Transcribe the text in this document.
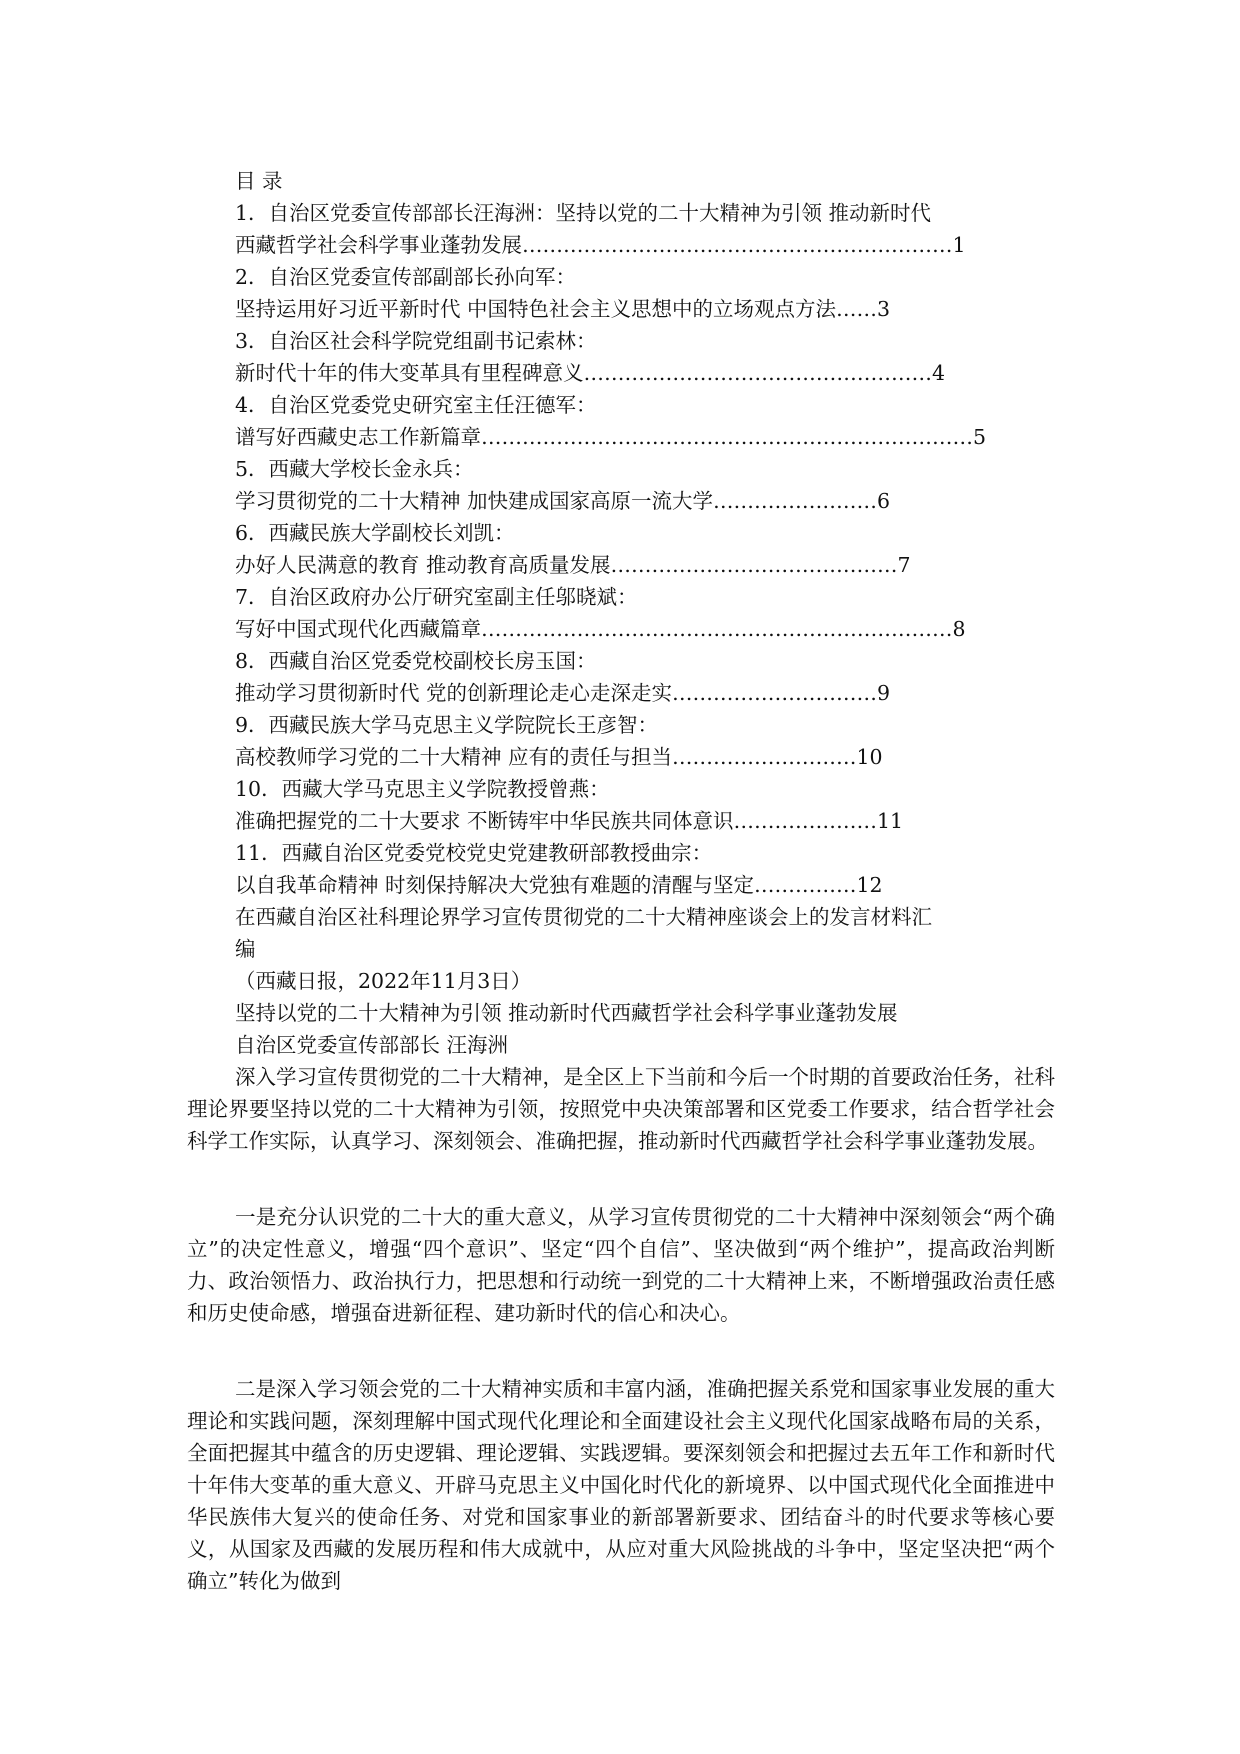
目 录
1．自治区党委宣传部部长汪海洲：坚持以党的二十大精神为引领 推动新时代
西藏哲学社会科学事业蓬勃发展………………………………………………………1
2．自治区党委宣传部副部长孙向军：
坚持运用好习近平新时代 中国特色社会主义思想中的立场观点方法……3
3．自治区社会科学院党组副书记索林：
新时代十年的伟大变革具有里程碑意义……………………………………………4
4．自治区党委党史研究室主任汪德军：
谱写好西藏史志工作新篇章………………………………………………………………5
5．西藏大学校长金永兵：
学习贯彻党的二十大精神 加快建成国家高原一流大学……………………6
6．西藏民族大学副校长刘凯：
办好人民满意的教育 推动教育高质量发展……………………………………7
7．自治区政府办公厅研究室副主任邬晓斌：
写好中国式现代化西藏篇章……………………………………………………………8
8．西藏自治区党委党校副校长房玉国：
推动学习贯彻新时代 党的创新理论走心走深走实…………………………9
9．西藏民族大学马克思主义学院院长王彦智：
高校教师学习党的二十大精神 应有的责任与担当………………………10
10．西藏大学马克思主义学院教授曾燕：
准确把握党的二十大要求 不断铸牢中华民族共同体意识…………………11
11．西藏自治区党委党校党史党建教研部教授曲宗：
以自我革命精神 时刻保持解决大党独有难题的清醒与坚定……………12
在西藏自治区社科理论界学习宣传贯彻党的二十大精神座谈会上的发言材料汇
编
（西藏日报，2022年11月3日）
坚持以党的二十大精神为引领 推动新时代西藏哲学社会科学事业蓬勃发展
自治区党委宣传部部长 汪海洲
深入学习宣传贯彻党的二十大精神，是全区上下当前和今后一个时期的首要政治任务，社科理论界要坚持以党的二十大精神为引领，按照党中央决策部署和区党委工作要求，结合哲学社会科学工作实际，认真学习、深刻领会、准确把握，推动新时代西藏哲学社会科学事业蓬勃发展。
一是充分认识党的二十大的重大意义，从学习宣传贯彻党的二十大精神中深刻领会“两个确立”的决定性意义，增强“四个意识”、坚定“四个自信”、坚决做到“两个维护”，提高政治判断力、政治领悟力、政治执行力，把思想和行动统一到党的二十大精神上来，不断增强政治责任感和历史使命感，增强奋进新征程、建功新时代的信心和决心。
二是深入学习领会党的二十大精神实质和丰富内涵，准确把握关系党和国家事业发展的重大理论和实践问题，深刻理解中国式现代化理论和全面建设社会主义现代化国家战略布局的关系，全面把握其中蕴含的历史逻辑、理论逻辑、实践逻辑。要深刻领会和把握过去五年工作和新时代十年伟大变革的重大意义、开辟马克思主义中国化时代化的新境界、以中国式现代化全面推进中华民族伟大复兴的使命任务、对党和国家事业的新部署新要求、团结奋斗的时代要求等核心要义，从国家及西藏的发展历程和伟大成就中，从应对重大风险挑战的斗争中，坚定坚决把“两个确立”转化为做到
